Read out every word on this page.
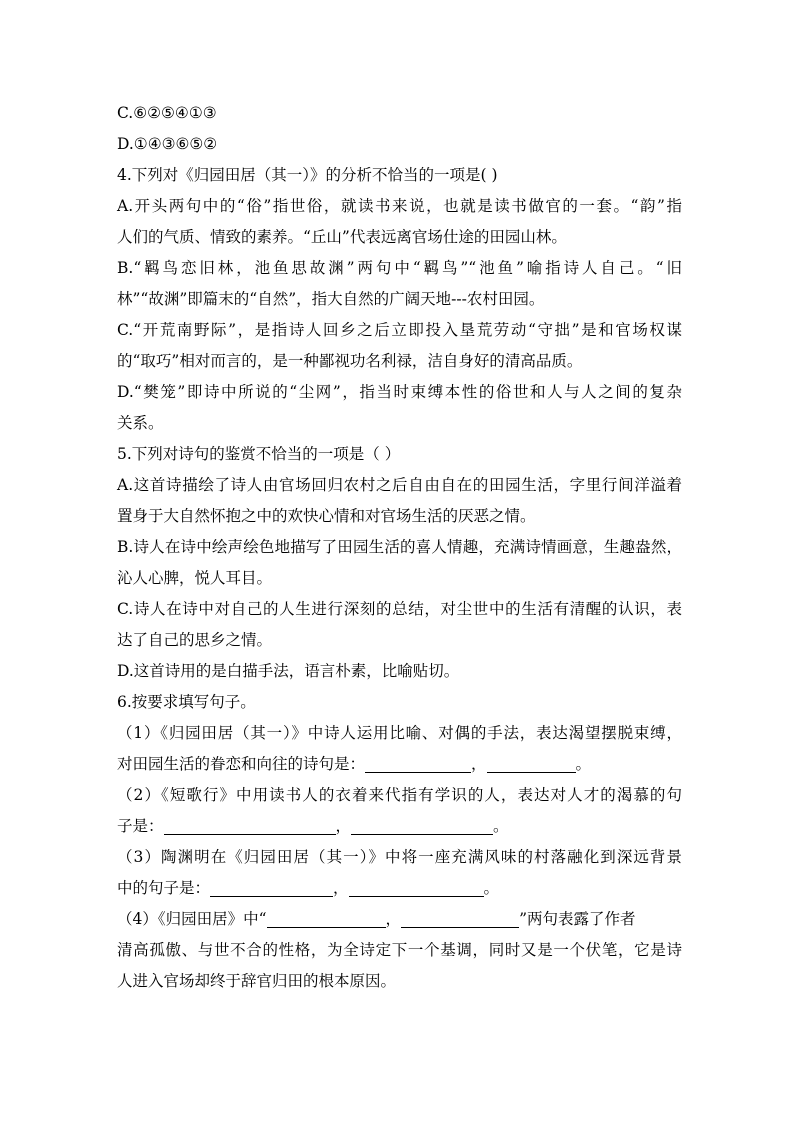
C.⑥②⑤④①③
D.①④③⑥⑤②
4.下列对《归园田居（其一）》的分析不恰当的一项是( )
A.开头两句中的“俗”指世俗，就读书来说，也就是读书做官的一套。“韵”指
人们的气质、情致的素养。“丘山”代表远离官场仕途的田园山林。
B.“羁鸟恋旧林，池鱼思故渊”两句中“羁鸟”“池鱼”喻指诗人自己。“旧
林”“故渊”即篇末的“自然”，指大自然的广阔天地---农村田园。
C.“开荒南野际”，是指诗人回乡之后立即投入垦荒劳动“守拙”是和官场权谋
的“取巧”相对而言的，是一种鄙视功名利禄，洁自身好的清高品质。
D.“樊笼”即诗中所说的“尘网”，指当时束缚本性的俗世和人与人之间的复杂
关系。
5.下列对诗句的鉴赏不恰当的一项是（ ）
A.这首诗描绘了诗人由官场回归农村之后自由自在的田园生活，字里行间洋溢着
置身于大自然怀抱之中的欢快心情和对官场生活的厌恶之情。
B.诗人在诗中绘声绘色地描写了田园生活的喜人情趣，充满诗情画意，生趣盎然，
沁人心脾，悦人耳目。
C.诗人在诗中对自己的人生进行深刻的总结，对尘世中的生活有清醒的认识，表
达了自己的思乡之情。
D.这首诗用的是白描手法，语言朴素，比喻贴切。
6.按要求填写句子。
（1）《归园田居（其一）》中诗人运用比喻、对偶的手法，表达渴望摆脱束缚，
对田园生活的眷恋和向往的诗句是：	，	。
（2）《短歌行》中用读书人的衣着来代指有学识的人，表达对人才的渴慕的句
子是：	，	。
（3）陶渊明在《归园田居（其一）》中将一座充满风味的村落融化到深远背景
中的句子是：	，	。
（4）《归园田居》中“	，	”两句表露了作者
清高孤傲、与世不合的性格，为全诗定下一个基调，同时又是一个伏笔，它是诗
人进入官场却终于辞官归田的根本原因。
